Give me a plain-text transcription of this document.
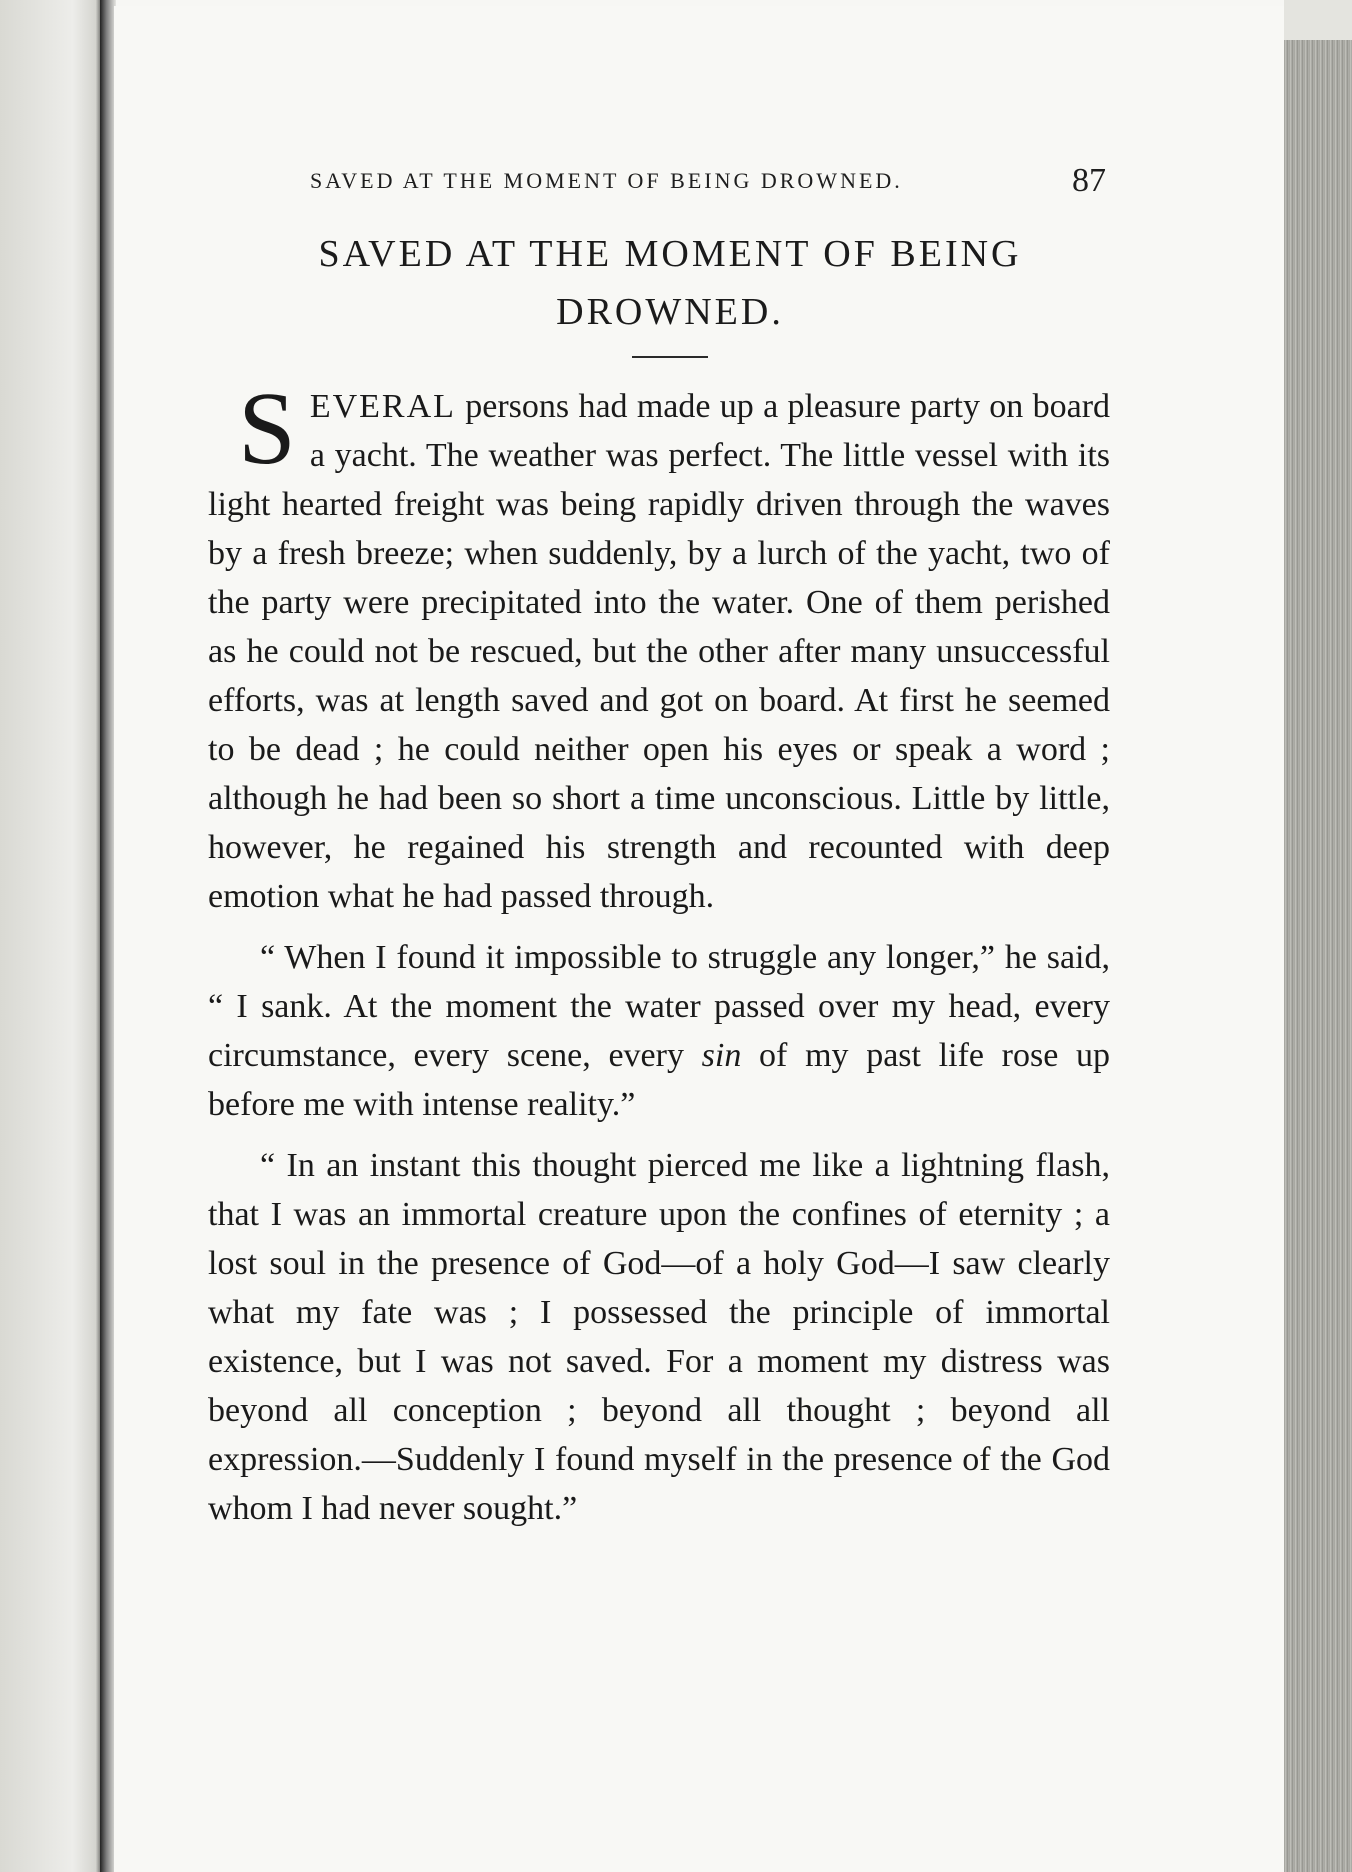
SAVED AT THE MOMENT OF BEING DROWNED.	87
SAVED AT THE MOMENT OF BEING DROWNED.

SEVERAL persons had made up a pleasure party on board a yacht. The weather was perfect. The little vessel with its light hearted freight was being rapidly driven through the waves by a fresh breeze; when suddenly, by a lurch of the yacht, two of the party were precipitated into the water. One of them perished as he could not be rescued, but the other after many unsuccessful efforts, was at length saved and got on board. At first he seemed to be dead ; he could neither open his eyes or speak a word ; although he had been so short a time unconscious. Little by little, however, he regained his strength and recounted with deep emotion what he had passed through.

“ When I found it impossible to struggle any longer,” he said, “ I sank. At the moment the water passed over my head, every circumstance, every scene, every sin of my past life rose up before me with intense reality.”

“ In an instant this thought pierced me like a lightning flash, that I was an immortal creature upon the confines of eternity ; a lost soul in the presence of God—of a holy God—I saw clearly what my fate was ; I possessed the principle of immortal existence, but I was not saved. For a moment my distress was beyond all conception ; beyond all thought ; beyond all expression.—Suddenly I found myself in the presence of the God whom I had never sought.”
